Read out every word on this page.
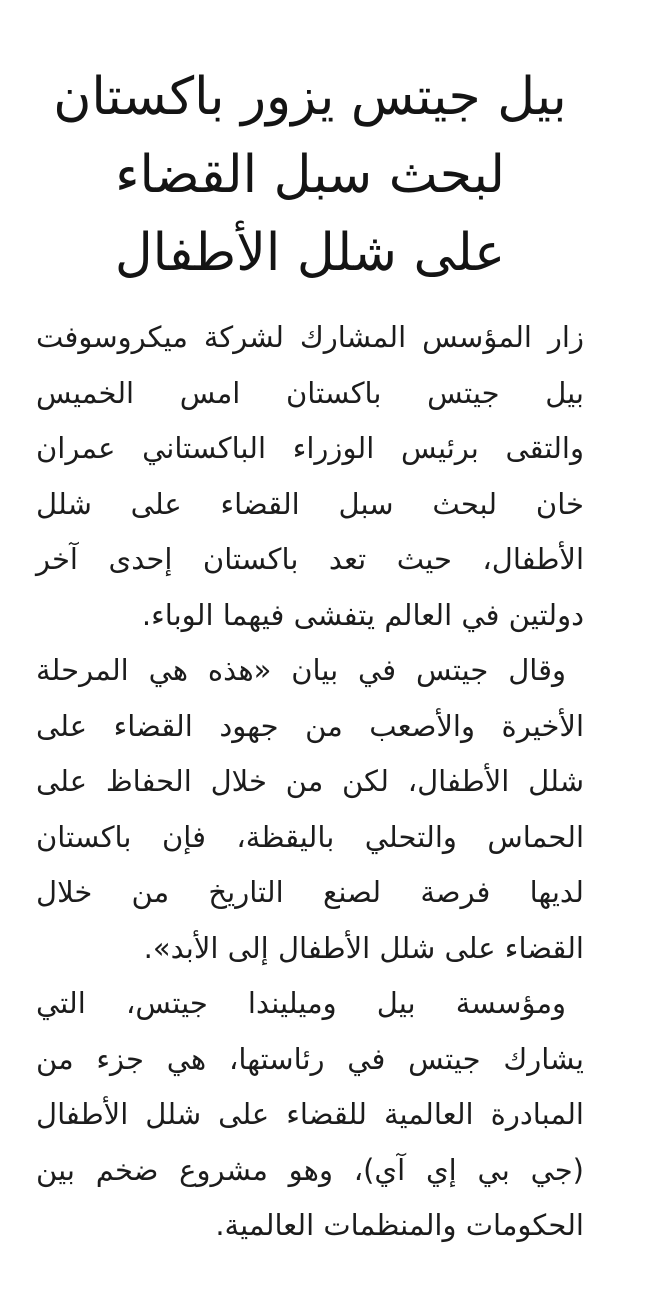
بيل جيتس يزور باكستان
لبحث سبل القضاء
على شلل الأطفال

زار المؤسس المشارك لشركة ميكروسوفت
بيل جيتس باكستان امس الخميس
والتقى برئيس الوزراء الباكستاني عمران
خان لبحث سبل القضاء على شلل
الأطفال، حيث تعد باكستان إحدى آخر
دولتين في العالم يتفشى فيهما الوباء.

وقال جيتس في بيان «هذه هي المرحلة
الأخيرة والأصعب من جهود القضاء على
شلل الأطفال، لكن من خلال الحفاظ على
الحماس والتحلي باليقظة، فإن باكستان
لديها فرصة لصنع التاريخ من خلال
القضاء على شلل الأطفال إلى الأبد».

ومؤسسة بيل وميليندا جيتس، التي
يشارك جيتس في رئاستها، هي جزء من
المبادرة العالمية للقضاء على شلل الأطفال
(جي بي إي آي)، وهو مشروع ضخم بين
الحكومات والمنظمات العالمية.
